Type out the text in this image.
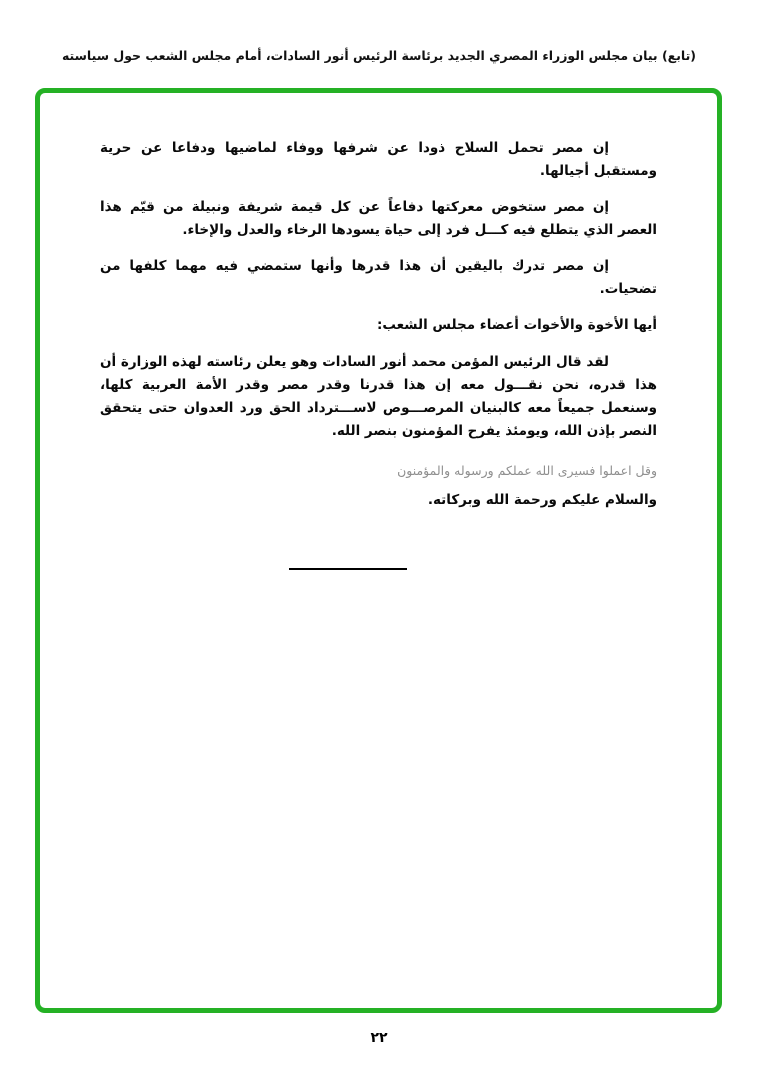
(تابع) بيان مجلس الوزراء المصري الجديد برئاسة الرئيس أنور السادات، أمام مجلس الشعب حول سياسته

إن مصر تحمل السلاح ذودا عن شرفها ووفاء لماضيها ودفاعا عن حرية ومستقبل أجيالها.

إن مصر ستخوض معركتها دفاعاً عن كل قيمة شريفة ونبيلة من قيّم هذا العصر الذي يتطلع فيه كـــل فرد إلى حياة يسودها الرخاء والعدل والإخاء.

إن مصر تدرك باليقين أن هذا قدرها وأنها ستمضي فيه مهما كلفها من تضحيات.

أيها الأخوة والأخوات أعضاء مجلس الشعب:

لقد قال الرئيس المؤمن محمد أنور السادات وهو يعلن رئاسته لهذه الوزارة أن هذا قدره، نحن نقـــول معه إن هذا قدرنا وقدر مصر وقدر الأمة العربية كلها، وسنعمل جميعاً معه كالبنيان المرصـــوص لاســـترداد الحق ورد العدوان حتى يتحقق النصر بإذن الله، ويومئذ يفرح المؤمنون بنصر الله.

وقل اعملوا فسيرى الله عملكم ورسوله والمؤمنون

والسلام عليكم ورحمة الله وبركاته.

٢٢
